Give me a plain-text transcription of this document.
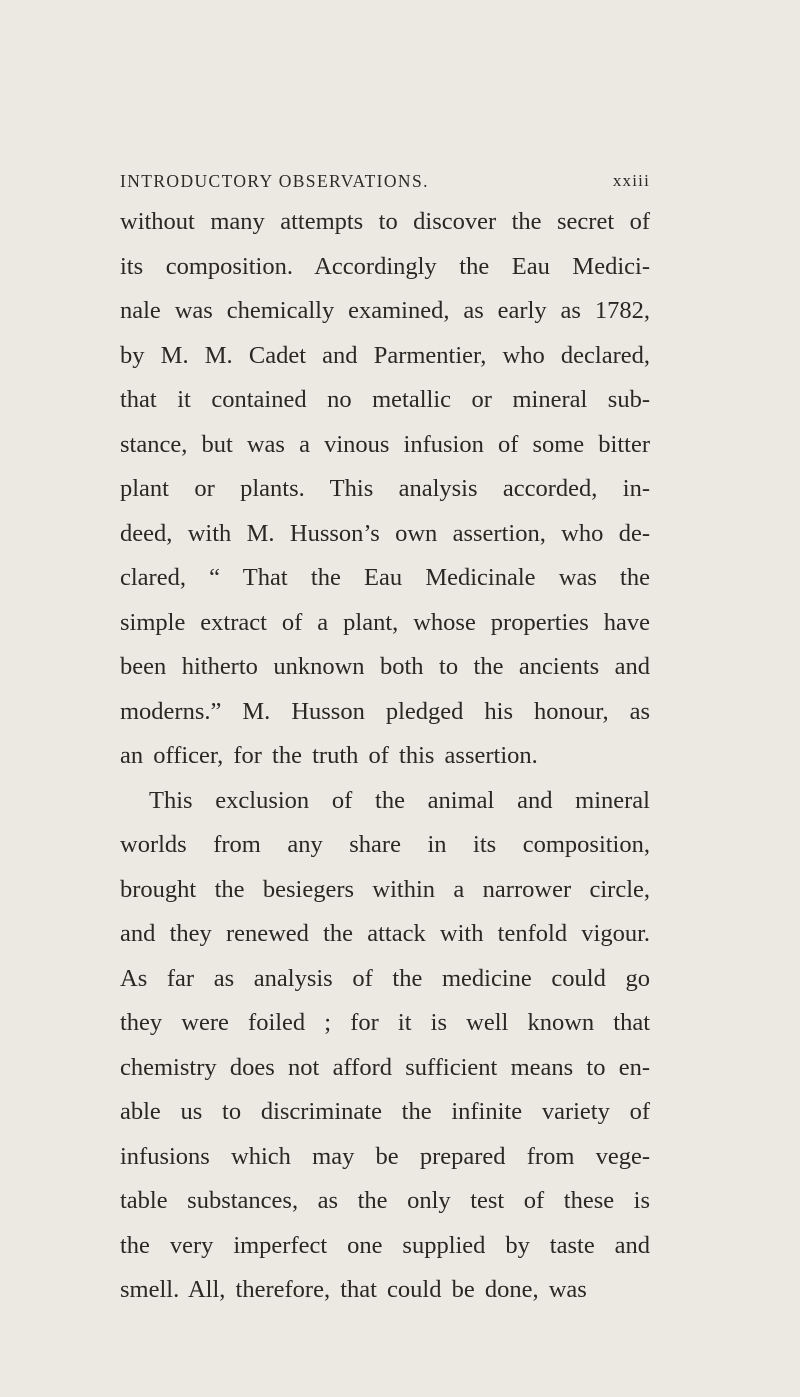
INTRODUCTORY OBSERVATIONS.	xxiii
without many attempts to discover the secret of
its composition. Accordingly the Eau Medici-
nale was chemically examined, as early as 1782,
by M. M. Cadet and Parmentier, who declared,
that it contained no metallic or mineral sub-
stance, but was a vinous infusion of some bitter
plant or plants. This analysis accorded, in-
deed, with M. Husson’s own assertion, who de-
clared, “ That the Eau Medicinale was the
simple extract of a plant, whose properties have
been hitherto unknown both to the ancients and
moderns.” M. Husson pledged his honour, as
an officer, for the truth of this assertion.
This exclusion of the animal and mineral
worlds from any share in its composition,
brought the besiegers within a narrower circle,
and they renewed the attack with tenfold vigour.
As far as analysis of the medicine could go
they were foiled ; for it is well known that
chemistry does not afford sufficient means to en-
able us to discriminate the infinite variety of
infusions which may be prepared from vege-
table substances, as the only test of these is
the very imperfect one supplied by taste and
smell. All, therefore, that could be done, was
